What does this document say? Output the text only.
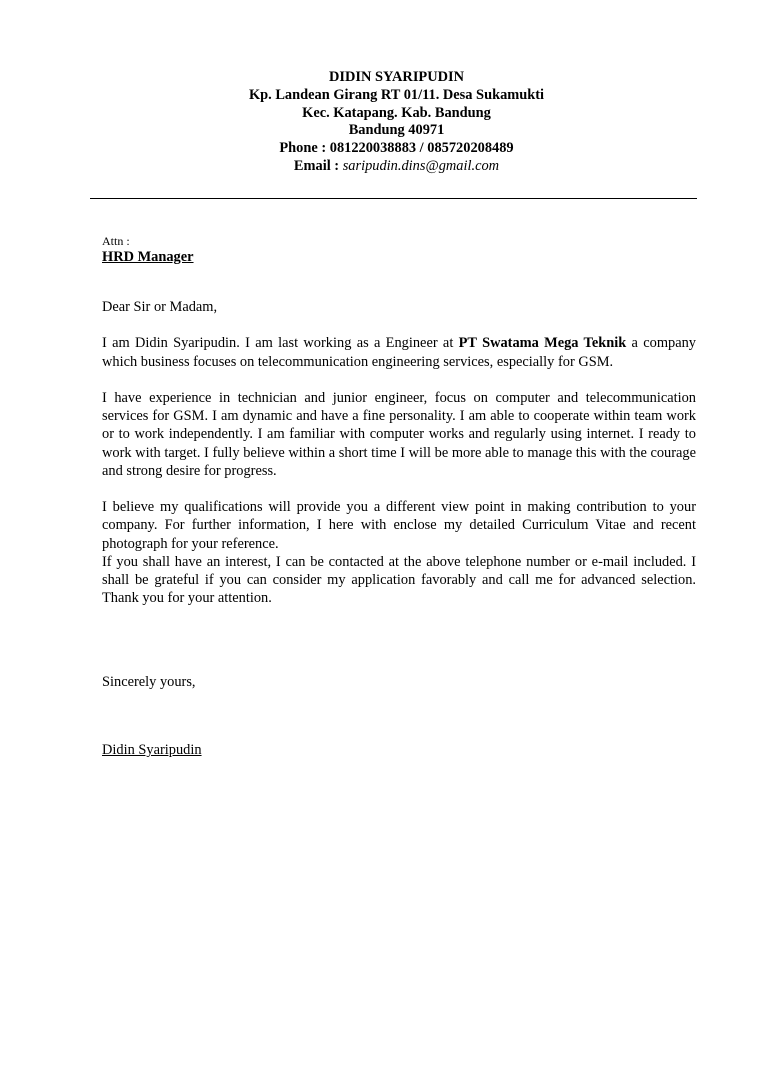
DIDIN SYARIPUDIN
Kp. Landean Girang RT 01/11. Desa Sukamukti
Kec. Katapang. Kab. Bandung
Bandung 40971
Phone : 081220038883 / 085720208489
Email : saripudin.dins@gmail.com
Attn :
HRD Manager

Dear Sir or Madam,

I am Didin Syaripudin. I am last working as a Engineer at PT Swatama Mega Teknik a company which business focuses on telecommunication engineering services, especially for GSM.

I have experience in technician and junior engineer, focus on computer and telecommunication services for GSM. I am dynamic and have a fine personality. I am able to cooperate within team work or to work independently. I am familiar with computer works and regularly using internet. I ready to work with target. I fully believe within a short time I will be more able to manage this with the courage and strong desire for progress.

I believe my qualifications will provide you a different view point in making contribution to your company. For further information, I here with enclose my detailed Curriculum Vitae and recent photograph for your reference.

If you shall have an interest, I can be contacted at the above telephone number or e-mail included. I shall be grateful if you can consider my application favorably and call me for advanced selection. Thank you for your attention.

Sincerely yours,
Didin Syaripudin
